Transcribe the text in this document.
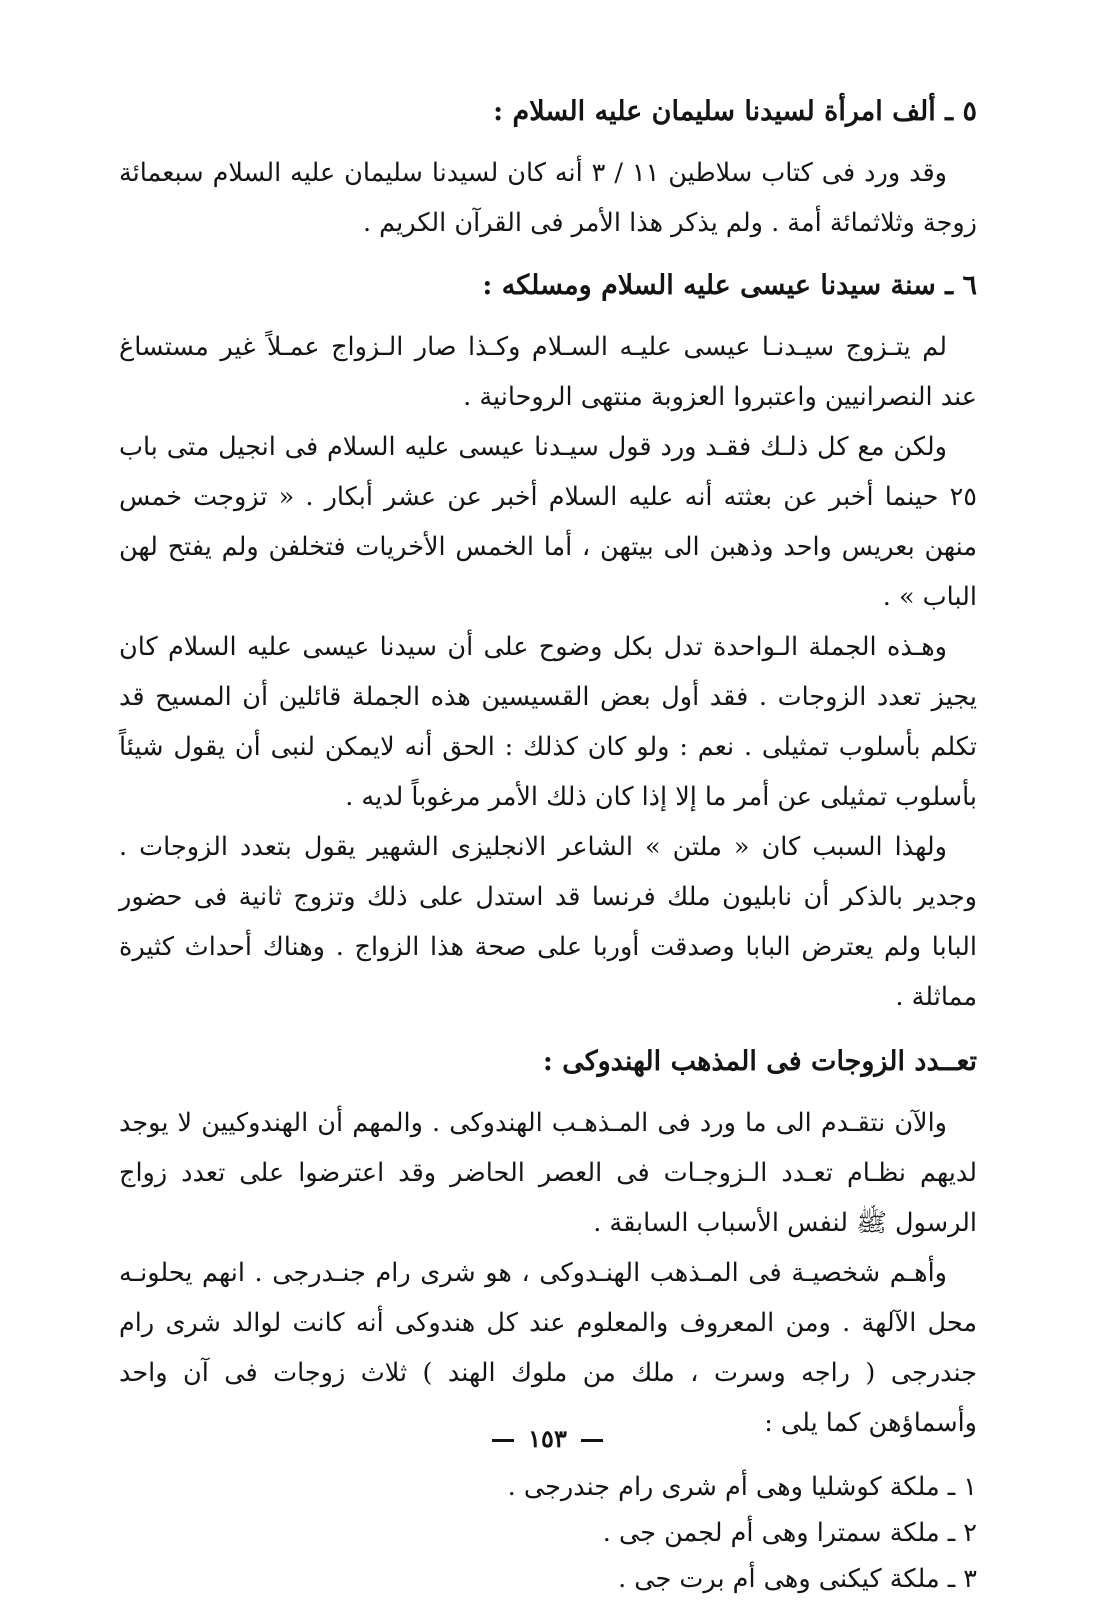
٥ ـ ألف امرأة لسيدنا سليمان عليه السلام :

وقد ورد فى كتاب سلاطين ١١ / ٣ أنه كان لسيدنا سليمان عليه السلام سبعمائة زوجة وثلاثمائة أمة . ولم يذكر هذا الأمر فى القرآن الكريم .

٦ ـ سنة سيدنا عيسى عليه السلام ومسلكه :

لم يتـزوج سيـدنـا عيسى عليـه السـلام وكـذا صار الـزواج عمـلاً غير مستساغ عند النصرانيين واعتبروا العزوبة منتهى الروحانية .

ولكن مع كل ذلـك فقـد ورد قول سيـدنا عيسى عليه السلام فى انجيل متى باب ٢٥ حينما أخبر عن بعثته أنه عليه السلام أخبر عن عشر أبكار . « تزوجت خمس منهن بعريس واحد وذهبن الى بيتهن ، أما الخمس الأخريات فتخلفن ولم يفتح لهن الباب » .

وهـذه الجملة الـواحدة تدل بكل وضوح على أن سيدنا عيسى عليه السلام كان يجيز تعدد الزوجات . فقد أول بعض القسيسين هذه الجملة قائلين أن المسيح قد تكلم بأسلوب تمثيلى . نعم : ولو كان كذلك : الحق أنه لايمكن لنبى أن يقول شيئاً بأسلوب تمثيلى عن أمر ما إلا إذا كان ذلك الأمر مرغوباً لديه .

ولهذا السبب كان « ملتن » الشاعر الانجليزى الشهير يقول بتعدد الزوجات . وجدير بالذكر أن نابليون ملك فرنسا قد استدل على ذلك وتزوج ثانية فى حضور البابا ولم يعترض البابا وصدقت أوربا على صحة هذا الزواج . وهناك أحداث كثيرة مماثلة .

تعــدد الزوجات فى المذهب الهندوكى :

والآن نتقـدم الى ما ورد فى المـذهـب الهندوكى . والمهم أن الهندوكيين لا يوجد لديهم نظـام تعـدد الـزوجـات فى العصر الحاضر وقد اعترضوا على تعدد زواج الرسول ﷺ لنفس الأسباب السابقة .

وأهـم شخصيـة فى المـذهب الهنـدوكى ، هو شرى رام جنـدرجى . انهم يحلونـه محل الآلهة . ومن المعروف والمعلوم عند كل هندوكى أنه كانت لوالد شرى رام جندرجى ( راجه وسرت ، ملك من ملوك الهند ) ثلاث زوجات فى آن واحد وأسماؤهن كما يلى :

١ ـ ملكة كوشليا وهى أم شرى رام جندرجى .
٢ ـ ملكة سمترا وهى أم لجمن جى .
٣ ـ ملكة كيكنى وهى أم برت جى .
١٥٣
